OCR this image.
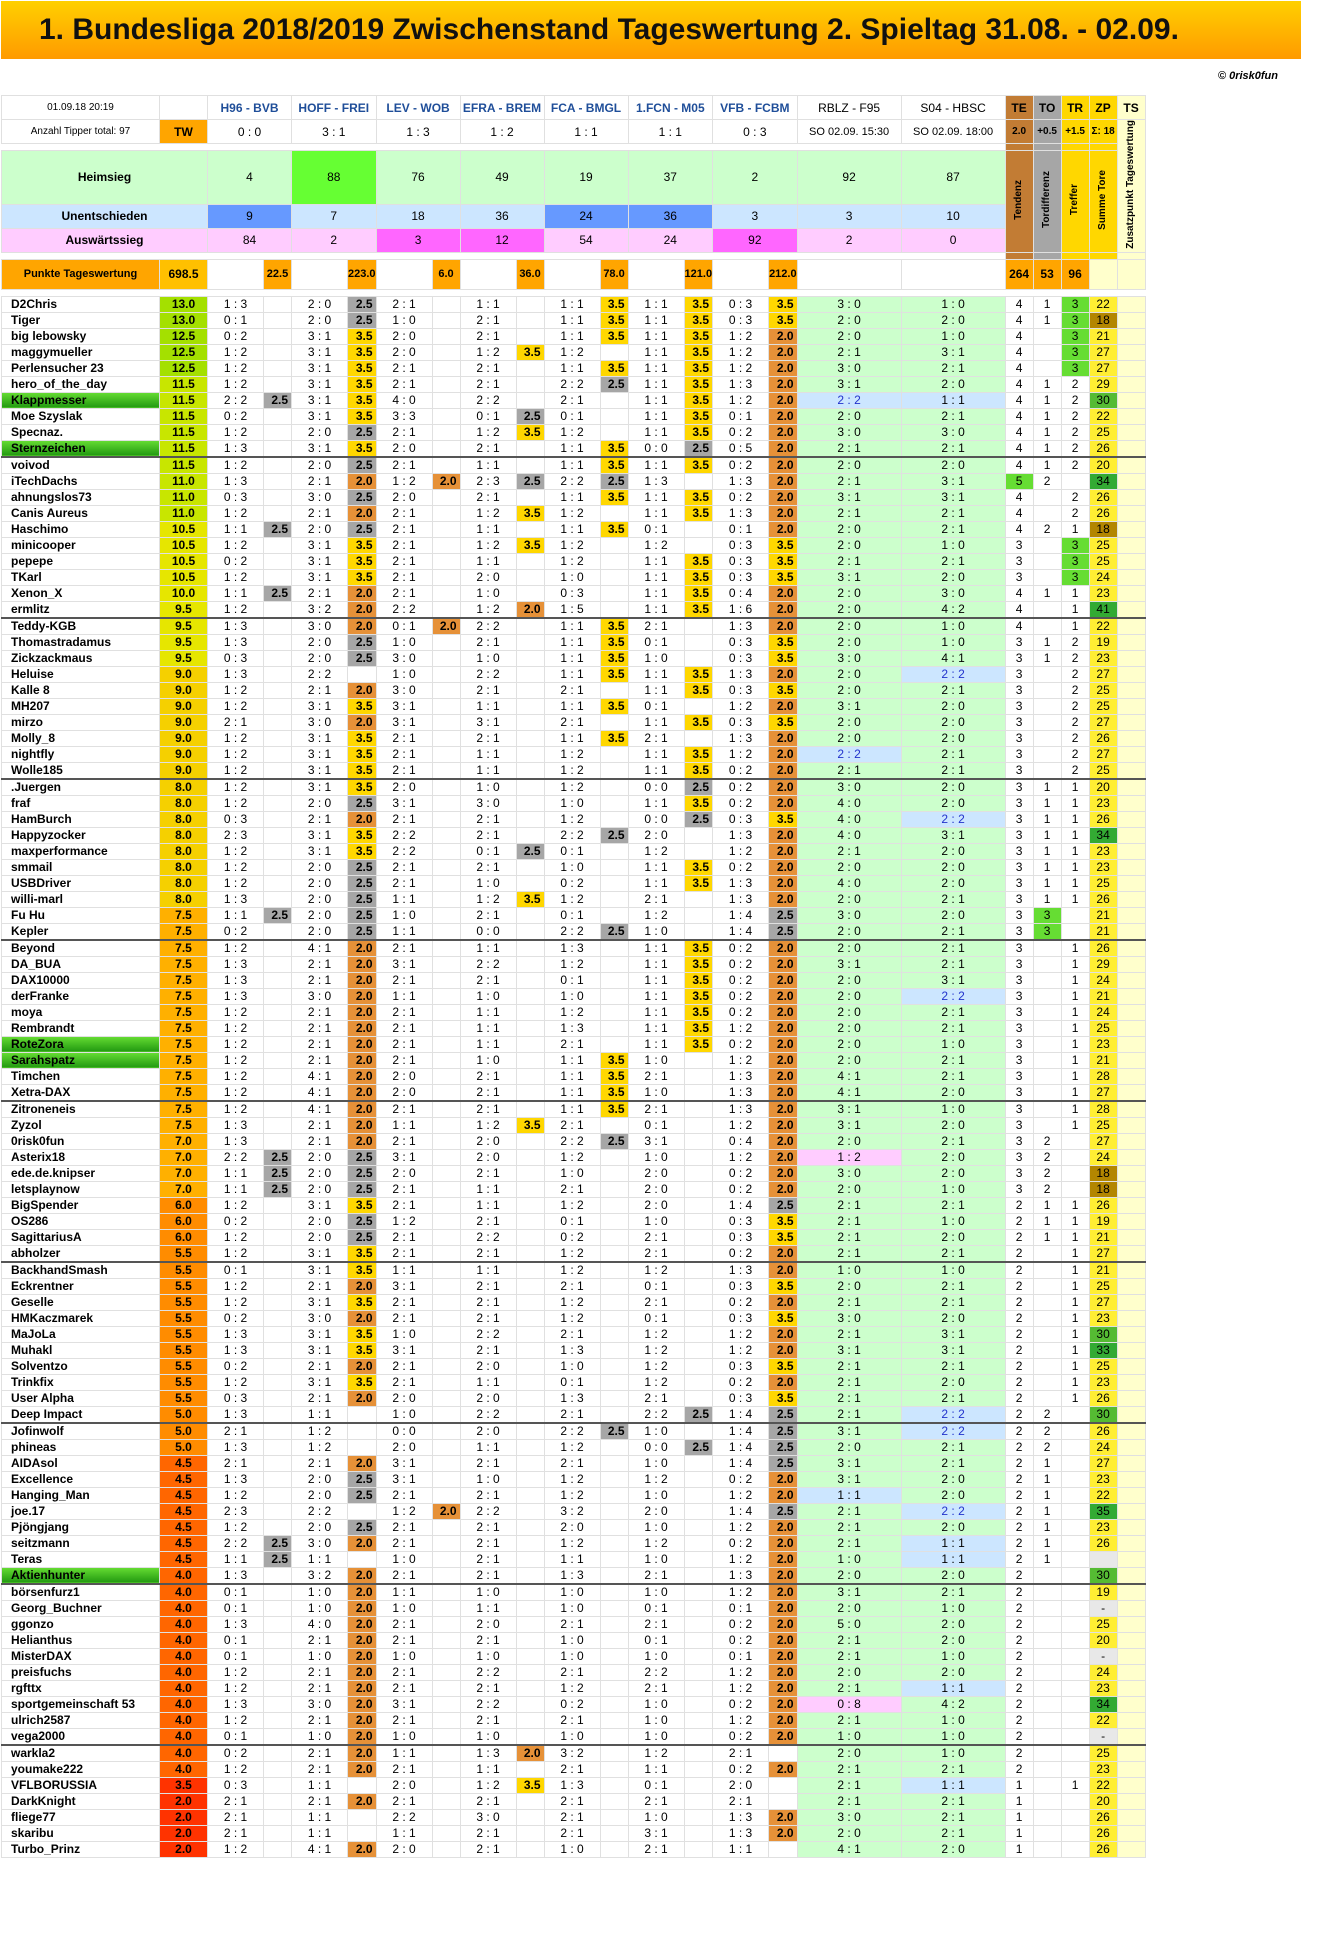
1. Bundesliga 2018/2019 Zwischenstand Tageswertung 2. Spieltag 31.08. - 02.09.
© 0risk0fun
01.09.18 20:19		H96 - BVB		HOFF - FREI		LEV - WOB		EFRA - BREM		FCA - BMGL		1.FCN - M05		VFB - FCBM		RBLZ - F95	S04 - HBSC	TE	TO	TR	ZP	TS
Anzahl Tipper total: 97	TW	0 : 0		3 : 1		1 : 3		1 : 2		1 : 1		1 : 1		0 : 3		SO 02.09. 15:30	SO 02.09. 18:00	2.0	+0.5	+1.5	Σ: 18	Zusatzpunkt Tageswertung

Heimsieg		4		88		76		49		19		37		2		92	87	Tendenz	Tordifferenz	Treffer	Summe Tore	
Unentschieden		9		7		18		36		24		36		3		3	10					
Auswärtssieg		84		2		3		12		54		24		92		2	0					

Punkte Tageswertung	698.5		22.5		223.0		6.0		36.0		78.0		121.0		212.0			264	53	96		

D2Chris	13.0	1 : 3		2 : 0	2.5	2 : 1		1 : 1		1 : 1	3.5	1 : 1	3.5	0 : 3	3.5	3 : 0	1 : 0	4	1	3	22	
Tiger	13.0	0 : 1		2 : 0	2.5	1 : 0		2 : 1		1 : 1	3.5	1 : 1	3.5	0 : 3	3.5	2 : 0	2 : 0	4	1	3	18	
big lebowsky	12.5	0 : 2		3 : 1	3.5	2 : 0		2 : 1		1 : 1	3.5	1 : 1	3.5	1 : 2	2.0	2 : 0	1 : 0	4		3	21	
maggymueller	12.5	1 : 2		3 : 1	3.5	2 : 0		1 : 2	3.5	1 : 2		1 : 1	3.5	1 : 2	2.0	2 : 1	3 : 1	4		3	27	
Perlensucher 23	12.5	1 : 2		3 : 1	3.5	2 : 1		2 : 1		1 : 1	3.5	1 : 1	3.5	1 : 2	2.0	3 : 0	2 : 1	4		3	27	
hero_of_the_day	11.5	1 : 2		3 : 1	3.5	2 : 1		2 : 1		2 : 2	2.5	1 : 1	3.5	1 : 3	2.0	3 : 1	2 : 0	4	1	2	29	
Klappmesser	11.5	2 : 2	2.5	3 : 1	3.5	4 : 0		2 : 2		2 : 1		1 : 1	3.5	1 : 2	2.0	2 : 2	1 : 1	4	1	2	30	
Moe Szyslak	11.5	0 : 2		3 : 1	3.5	3 : 3		0 : 1	2.5	0 : 1		1 : 1	3.5	0 : 1	2.0	2 : 0	2 : 1	4	1	2	22	
Specnaz.	11.5	1 : 2		2 : 0	2.5	2 : 1		1 : 2	3.5	1 : 2		1 : 1	3.5	0 : 2	2.0	3 : 0	3 : 0	4	1	2	25	
Sternzeichen	11.5	1 : 3		3 : 1	3.5	2 : 0		2 : 1		1 : 1	3.5	0 : 0	2.5	0 : 5	2.0	2 : 1	2 : 1	4	1	2	26	
voivod	11.5	1 : 2		2 : 0	2.5	2 : 1		1 : 1		1 : 1	3.5	1 : 1	3.5	0 : 2	2.0	2 : 0	2 : 0	4	1	2	20	
iTechDachs	11.0	1 : 3		2 : 1	2.0	1 : 2	2.0	2 : 3	2.5	2 : 2	2.5	1 : 3		1 : 3	2.0	2 : 1	3 : 1	5	2		34	
ahnungslos73	11.0	0 : 3		3 : 0	2.5	2 : 0		2 : 1		1 : 1	3.5	1 : 1	3.5	0 : 2	2.0	3 : 1	3 : 1	4		2	26	
Canis Aureus	11.0	1 : 2		2 : 1	2.0	2 : 1		1 : 2	3.5	1 : 2		1 : 1	3.5	1 : 3	2.0	2 : 1	2 : 1	4		2	26	
Haschimo	10.5	1 : 1	2.5	2 : 0	2.5	2 : 1		1 : 1		1 : 1	3.5	0 : 1		0 : 1	2.0	2 : 0	2 : 1	4	2	1	18	
minicooper	10.5	1 : 2		3 : 1	3.5	2 : 1		1 : 2	3.5	1 : 2		1 : 2		0 : 3	3.5	2 : 0	1 : 0	3		3	25	
pepepe	10.5	0 : 2		3 : 1	3.5	2 : 1		1 : 1		1 : 2		1 : 1	3.5	0 : 3	3.5	2 : 1	2 : 1	3		3	25	
TKarl	10.5	1 : 2		3 : 1	3.5	2 : 1		2 : 0		1 : 0		1 : 1	3.5	0 : 3	3.5	3 : 1	2 : 0	3		3	24	
Xenon_X	10.0	1 : 1	2.5	2 : 1	2.0	2 : 1		1 : 0		0 : 3		1 : 1	3.5	0 : 4	2.0	2 : 0	3 : 0	4	1	1	23	
ermlitz	9.5	1 : 2		3 : 2	2.0	2 : 2		1 : 2	2.0	1 : 5		1 : 1	3.5	1 : 6	2.0	2 : 0	4 : 2	4		1	41	
Teddy-KGB	9.5	1 : 3		3 : 0	2.0	0 : 1	2.0	2 : 2		1 : 1	3.5	2 : 1		1 : 3	2.0	2 : 0	1 : 0	4		1	22	
Thomastradamus	9.5	1 : 3		2 : 0	2.5	1 : 0		2 : 1		1 : 1	3.5	0 : 1		0 : 3	3.5	2 : 0	1 : 0	3	1	2	19	
Zickzackmaus	9.5	0 : 3		2 : 0	2.5	3 : 0		1 : 0		1 : 1	3.5	1 : 0		0 : 3	3.5	3 : 0	4 : 1	3	1	2	23	
Heluise	9.0	1 : 3		2 : 2		1 : 0		2 : 2		1 : 1	3.5	1 : 1	3.5	1 : 3	2.0	2 : 0	2 : 2	3		2	27	
Kalle 8	9.0	1 : 2		2 : 1	2.0	3 : 0		2 : 1		2 : 1		1 : 1	3.5	0 : 3	3.5	2 : 0	2 : 1	3		2	25	
MH207	9.0	1 : 2		3 : 1	3.5	3 : 1		1 : 1		1 : 1	3.5	0 : 1		1 : 2	2.0	3 : 1	2 : 0	3		2	25	
mirzo	9.0	2 : 1		3 : 0	2.0	3 : 1		3 : 1		2 : 1		1 : 1	3.5	0 : 3	3.5	2 : 0	2 : 0	3		2	27	
Molly_8	9.0	1 : 2		3 : 1	3.5	2 : 1		2 : 1		1 : 1	3.5	2 : 1		1 : 3	2.0	2 : 0	2 : 0	3		2	26	
nightfly	9.0	1 : 2		3 : 1	3.5	2 : 1		1 : 1		1 : 2		1 : 1	3.5	1 : 2	2.0	2 : 2	2 : 1	3		2	27	
Wolle185	9.0	1 : 2		3 : 1	3.5	2 : 1		1 : 1		1 : 2		1 : 1	3.5	0 : 2	2.0	2 : 1	2 : 1	3		2	25	
.Juergen	8.0	1 : 2		3 : 1	3.5	2 : 0		1 : 0		1 : 2		0 : 0	2.5	0 : 2	2.0	3 : 0	2 : 0	3	1	1	20	
fraf	8.0	1 : 2		2 : 0	2.5	3 : 1		3 : 0		1 : 0		1 : 1	3.5	0 : 2	2.0	4 : 0	2 : 0	3	1	1	23	
HamBurch	8.0	0 : 3		2 : 1	2.0	2 : 1		2 : 1		1 : 2		0 : 0	2.5	0 : 3	3.5	4 : 0	2 : 2	3	1	1	26	
Happyzocker	8.0	2 : 3		3 : 1	3.5	2 : 2		2 : 1		2 : 2	2.5	2 : 0		1 : 3	2.0	4 : 0	3 : 1	3	1	1	34	
maxperformance	8.0	1 : 2		3 : 1	3.5	2 : 2		0 : 1	2.5	0 : 1		1 : 2		1 : 2	2.0	2 : 1	2 : 0	3	1	1	23	
smmail	8.0	1 : 2		2 : 0	2.5	2 : 1		2 : 1		1 : 0		1 : 1	3.5	0 : 2	2.0	2 : 0	2 : 0	3	1	1	23	
USBDriver	8.0	1 : 2		2 : 0	2.5	2 : 1		1 : 0		0 : 2		1 : 1	3.5	1 : 3	2.0	4 : 0	2 : 0	3	1	1	25	
willi-marl	8.0	1 : 3		2 : 0	2.5	1 : 1		1 : 2	3.5	1 : 2		2 : 1		1 : 3	2.0	2 : 0	2 : 1	3	1	1	26	
Fu Hu	7.5	1 : 1	2.5	2 : 0	2.5	1 : 0		2 : 1		0 : 1		1 : 2		1 : 4	2.5	3 : 0	2 : 0	3	3		21	
Kepler	7.5	0 : 2		2 : 0	2.5	1 : 1		0 : 0		2 : 2	2.5	1 : 0		1 : 4	2.5	2 : 0	2 : 1	3	3		21	
Beyond	7.5	1 : 2		4 : 1	2.0	2 : 1		1 : 1		1 : 3		1 : 1	3.5	0 : 2	2.0	2 : 0	2 : 1	3		1	26	
DA_BUA	7.5	1 : 3		2 : 1	2.0	3 : 1		2 : 2		1 : 2		1 : 1	3.5	0 : 2	2.0	3 : 1	2 : 1	3		1	29	
DAX10000	7.5	1 : 3		2 : 1	2.0	2 : 1		2 : 1		0 : 1		1 : 1	3.5	0 : 2	2.0	2 : 0	3 : 1	3		1	24	
derFranke	7.5	1 : 3		3 : 0	2.0	1 : 1		1 : 0		1 : 0		1 : 1	3.5	0 : 2	2.0	2 : 0	2 : 2	3		1	21	
moya	7.5	1 : 2		2 : 1	2.0	2 : 1		1 : 1		1 : 2		1 : 1	3.5	0 : 2	2.0	2 : 0	2 : 1	3		1	24	
Rembrandt	7.5	1 : 2		2 : 1	2.0	2 : 1		1 : 1		1 : 3		1 : 1	3.5	1 : 2	2.0	2 : 0	2 : 1	3		1	25	
RoteZora	7.5	1 : 2		2 : 1	2.0	2 : 1		1 : 1		2 : 1		1 : 1	3.5	0 : 2	2.0	2 : 0	1 : 0	3		1	23	
Sarahspatz	7.5	1 : 2		2 : 1	2.0	2 : 1		1 : 0		1 : 1	3.5	1 : 0		1 : 2	2.0	2 : 0	2 : 1	3		1	21	
Timchen	7.5	1 : 2		4 : 1	2.0	2 : 0		2 : 1		1 : 1	3.5	2 : 1		1 : 3	2.0	4 : 1	2 : 1	3		1	28	
Xetra-DAX	7.5	1 : 2		4 : 1	2.0	2 : 0		2 : 1		1 : 1	3.5	1 : 0		1 : 3	2.0	4 : 1	2 : 0	3		1	27	
Zitroneneis	7.5	1 : 2		4 : 1	2.0	2 : 1		2 : 1		1 : 1	3.5	2 : 1		1 : 3	2.0	3 : 1	1 : 0	3		1	28	
Zyzol	7.5	1 : 3		2 : 1	2.0	1 : 1		1 : 2	3.5	2 : 1		0 : 1		1 : 2	2.0	3 : 1	2 : 0	3		1	25	
0risk0fun	7.0	1 : 3		2 : 1	2.0	2 : 1		2 : 0		2 : 2	2.5	3 : 1		0 : 4	2.0	2 : 0	2 : 1	3	2		27	
Asterix18	7.0	2 : 2	2.5	2 : 0	2.5	3 : 1		2 : 0		1 : 2		1 : 0		1 : 2	2.0	1 : 2	2 : 0	3	2		24	
ede.de.knipser	7.0	1 : 1	2.5	2 : 0	2.5	2 : 0		2 : 1		1 : 0		2 : 0		0 : 2	2.0	3 : 0	2 : 0	3	2		18	
letsplaynow	7.0	1 : 1	2.5	2 : 0	2.5	2 : 1		1 : 1		2 : 1		2 : 0		0 : 2	2.0	2 : 0	1 : 0	3	2		18	
BigSpender	6.0	1 : 2		3 : 1	3.5	2 : 1		1 : 1		1 : 2		2 : 0		1 : 4	2.5	2 : 1	2 : 1	2	1	1	26	
OS286	6.0	0 : 2		2 : 0	2.5	1 : 2		2 : 1		0 : 1		1 : 0		0 : 3	3.5	2 : 1	1 : 0	2	1	1	19	
SagittariusA	6.0	1 : 2		2 : 0	2.5	2 : 1		2 : 2		0 : 2		2 : 1		0 : 3	3.5	2 : 1	2 : 0	2	1	1	21	
abholzer	5.5	1 : 2		3 : 1	3.5	2 : 1		2 : 1		1 : 2		2 : 1		0 : 2	2.0	2 : 1	2 : 1	2		1	27	
BackhandSmash	5.5	0 : 1		3 : 1	3.5	1 : 1		1 : 1		1 : 2		1 : 2		1 : 3	2.0	1 : 0	1 : 0	2		1	21	
Eckrentner	5.5	1 : 2		2 : 1	2.0	3 : 1		2 : 1		2 : 1		0 : 1		0 : 3	3.5	2 : 0	2 : 1	2		1	25	
Geselle	5.5	1 : 2		3 : 1	3.5	2 : 1		2 : 1		1 : 2		2 : 1		0 : 2	2.0	2 : 1	2 : 1	2		1	27	
HMKaczmarek	5.5	0 : 2		3 : 0	2.0	2 : 1		2 : 1		1 : 2		0 : 1		0 : 3	3.5	3 : 0	2 : 0	2		1	23	
MaJoLa	5.5	1 : 3		3 : 1	3.5	1 : 0		2 : 2		2 : 1		1 : 2		1 : 2	2.0	2 : 1	3 : 1	2		1	30	
Muhakl	5.5	1 : 3		3 : 1	3.5	3 : 1		2 : 1		1 : 3		1 : 2		1 : 2	2.0	3 : 1	3 : 1	2		1	33	
Solventzo	5.5	0 : 2		2 : 1	2.0	2 : 1		2 : 0		1 : 0		1 : 2		0 : 3	3.5	2 : 1	2 : 1	2		1	25	
Trinkfix	5.5	1 : 2		3 : 1	3.5	2 : 1		1 : 1		0 : 1		1 : 2		0 : 2	2.0	2 : 1	2 : 0	2		1	23	
User Alpha	5.5	0 : 3		2 : 1	2.0	2 : 0		2 : 0		1 : 3		2 : 1		0 : 3	3.5	2 : 1	2 : 1	2		1	26	
Deep Impact	5.0	1 : 3		1 : 1		1 : 0		2 : 2		2 : 1		2 : 2	2.5	1 : 4	2.5	2 : 1	2 : 2	2	2		30	
Jofinwolf	5.0	2 : 1		1 : 2		0 : 0		2 : 0		2 : 2	2.5	1 : 0		1 : 4	2.5	3 : 1	2 : 2	2	2		26	
phineas	5.0	1 : 3		1 : 2		2 : 0		1 : 1		1 : 2		0 : 0	2.5	1 : 4	2.5	2 : 0	2 : 1	2	2		24	
AIDAsol	4.5	2 : 1		2 : 1	2.0	3 : 1		2 : 1		2 : 1		1 : 0		1 : 4	2.5	3 : 1	2 : 1	2	1		27	
Excellence	4.5	1 : 3		2 : 0	2.5	3 : 1		1 : 0		1 : 2		1 : 2		0 : 2	2.0	3 : 1	2 : 0	2	1		23	
Hanging_Man	4.5	1 : 2		2 : 0	2.5	2 : 1		2 : 1		1 : 2		1 : 0		1 : 2	2.0	1 : 1	2 : 0	2	1		22	
joe.17	4.5	2 : 3		2 : 2		1 : 2	2.0	2 : 2		3 : 2		2 : 0		1 : 4	2.5	2 : 1	2 : 2	2	1		35	
Pjöngjang	4.5	1 : 2		2 : 0	2.5	2 : 1		2 : 1		2 : 0		1 : 0		1 : 2	2.0	2 : 1	2 : 0	2	1		23	
seitzmann	4.5	2 : 2	2.5	3 : 0	2.0	2 : 1		2 : 1		1 : 2		1 : 2		0 : 2	2.0	2 : 1	1 : 1	2	1		26	
Teras	4.5	1 : 1	2.5	1 : 1		1 : 0		2 : 1		1 : 1		1 : 0		1 : 2	2.0	1 : 0	1 : 1	2	1			
Aktienhunter	4.0	1 : 3		3 : 2	2.0	2 : 1		2 : 1		1 : 3		2 : 1		1 : 3	2.0	2 : 0	2 : 0	2			30	
börsenfurz1	4.0	0 : 1		1 : 0	2.0	1 : 1		1 : 0		1 : 0		1 : 0		1 : 2	2.0	3 : 1	2 : 1	2			19	
Georg_Buchner	4.0	0 : 1		1 : 0	2.0	1 : 0		1 : 1		1 : 0		0 : 1		0 : 1	2.0	2 : 0	1 : 0	2			-	
ggonzo	4.0	1 : 3		4 : 0	2.0	2 : 1		2 : 0		2 : 1		2 : 1		0 : 2	2.0	5 : 0	2 : 0	2			25	
Helianthus	4.0	0 : 1		2 : 1	2.0	2 : 1		2 : 1		1 : 0		0 : 1		0 : 2	2.0	2 : 1	2 : 0	2			20	
MisterDAX	4.0	0 : 1		1 : 0	2.0	1 : 0		1 : 0		1 : 0		1 : 0		0 : 1	2.0	2 : 1	1 : 0	2			-	
preisfuchs	4.0	1 : 2		2 : 1	2.0	2 : 1		2 : 2		2 : 1		2 : 2		1 : 2	2.0	2 : 0	2 : 0	2			24	
rgfttx	4.0	1 : 2		2 : 1	2.0	2 : 1		2 : 1		1 : 2		2 : 1		1 : 2	2.0	2 : 1	1 : 1	2			23	
sportgemeinschaft 53	4.0	1 : 3		3 : 0	2.0	3 : 1		2 : 2		0 : 2		1 : 0		0 : 2	2.0	0 : 8	4 : 2	2			34	
ulrich2587	4.0	1 : 2		2 : 1	2.0	2 : 1		2 : 1		2 : 1		1 : 0		1 : 2	2.0	2 : 1	1 : 0	2			22	
vega2000	4.0	0 : 1		1 : 0	2.0	1 : 0		1 : 0		1 : 0		1 : 0		0 : 2	2.0	1 : 0	1 : 0	2			-	
warkla2	4.0	0 : 2		2 : 1	2.0	1 : 1		1 : 3	2.0	3 : 2		1 : 2		2 : 1		2 : 0	1 : 0	2			25	
youmake222	4.0	1 : 2		2 : 1	2.0	2 : 1		1 : 1		2 : 1		1 : 1		0 : 2	2.0	2 : 1	2 : 1	2			23	
VFLBORUSSIA	3.5	0 : 3		1 : 1		2 : 0		1 : 2	3.5	1 : 3		0 : 1		2 : 0		2 : 1	1 : 1	1		1	22	
DarkKnight	2.0	2 : 1		2 : 1	2.0	2 : 1		2 : 1		2 : 1		2 : 1		2 : 1		2 : 1	2 : 1	1			20	
fliege77	2.0	2 : 1		1 : 1		2 : 2		3 : 0		2 : 1		1 : 0		1 : 3	2.0	3 : 0	2 : 1	1			26	
skaribu	2.0	2 : 1		1 : 1		1 : 1		2 : 1		2 : 1		3 : 1		1 : 3	2.0	2 : 0	2 : 1	1			26	
Turbo_Prinz	2.0	1 : 2		4 : 1	2.0	2 : 0		2 : 1		1 : 0		2 : 1		1 : 1		4 : 1	2 : 0	1			26	
